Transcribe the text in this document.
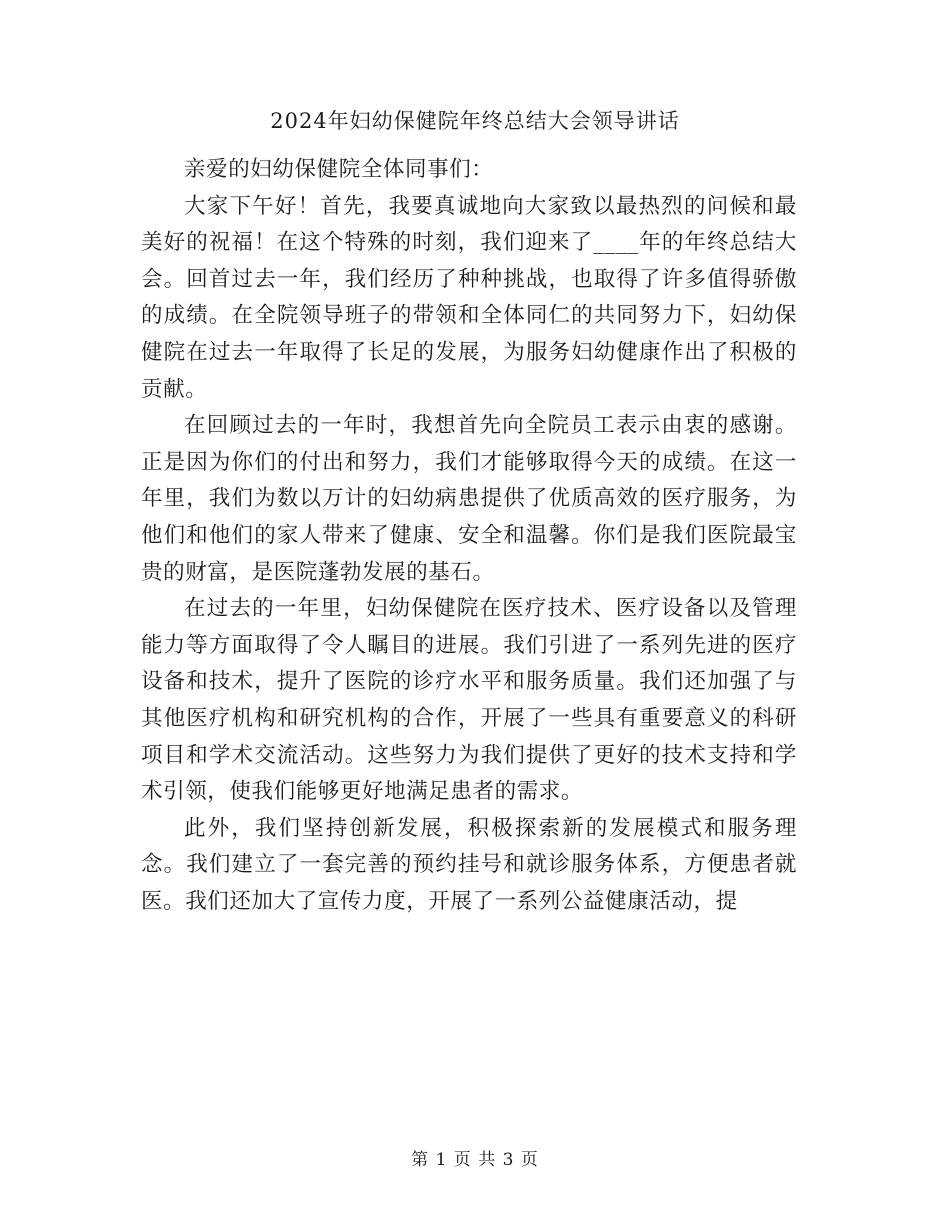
2024年妇幼保健院年终总结大会领导讲话

亲爱的妇幼保健院全体同事们：

大家下午好！首先，我要真诚地向大家致以最热烈的问候和最美好的祝福！在这个特殊的时刻，我们迎来了____年的年终总结大会。回首过去一年，我们经历了种种挑战，也取得了许多值得骄傲的成绩。在全院领导班子的带领和全体同仁的共同努力下，妇幼保健院在过去一年取得了长足的发展，为服务妇幼健康作出了积极的贡献。

在回顾过去的一年时，我想首先向全院员工表示由衷的感谢。正是因为你们的付出和努力，我们才能够取得今天的成绩。在这一年里，我们为数以万计的妇幼病患提供了优质高效的医疗服务，为他们和他们的家人带来了健康、安全和温馨。你们是我们医院最宝贵的财富，是医院蓬勃发展的基石。

在过去的一年里，妇幼保健院在医疗技术、医疗设备以及管理能力等方面取得了令人瞩目的进展。我们引进了一系列先进的医疗设备和技术，提升了医院的诊疗水平和服务质量。我们还加强了与其他医疗机构和研究机构的合作，开展了一些具有重要意义的科研项目和学术交流活动。这些努力为我们提供了更好的技术支持和学术引领，使我们能够更好地满足患者的需求。

此外，我们坚持创新发展，积极探索新的发展模式和服务理念。我们建立了一套完善的预约挂号和就诊服务体系，方便患者就医。我们还加大了宣传力度，开展了一系列公益健康活动，提

第 1 页 共 3 页
